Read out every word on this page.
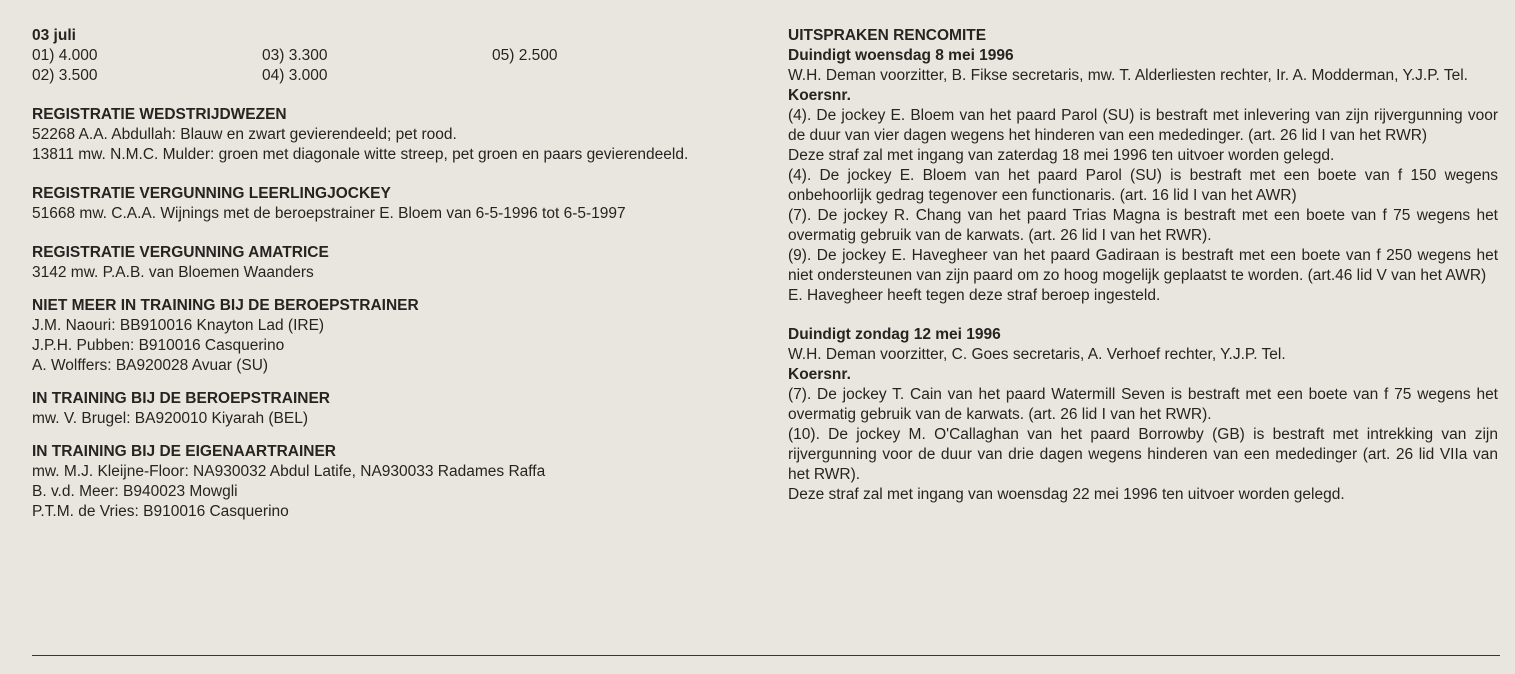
03 juli

01) 4.000	03) 3.300	05) 2.500
02) 3.500	04) 3.000

REGISTRATIE WEDSTRIJDWEZEN

52268 A.A. Abdullah: Blauw en zwart gevierendeeld; pet rood.

13811 mw. N.M.C. Mulder: groen met diagonale witte streep, pet groen en paars gevierendeeld.

REGISTRATIE VERGUNNING LEERLINGJOCKEY

51668 mw. C.A.A. Wijnings met de beroepstrainer E. Bloem van 6-5-1996 tot 6-5-1997

REGISTRATIE VERGUNNING AMATRICE

3142 mw. P.A.B. van Bloemen Waanders

NIET MEER IN TRAINING BIJ DE BEROEPSTRAINER

J.M. Naouri: BB910016 Knayton Lad (IRE)

J.P.H. Pubben: B910016 Casquerino

A. Wolffers: BA920028 Avuar (SU)

IN TRAINING BIJ DE BEROEPSTRAINER

mw. V. Brugel: BA920010 Kiyarah (BEL)

IN TRAINING BIJ DE EIGENAARTRAINER

mw. M.J. Kleijne-Floor: NA930032 Abdul Latife, NA930033 Radames Raffa

B. v.d. Meer: B940023 Mowgli

P.T.M. de Vries: B910016 Casquerino

UITSPRAKEN RENCOMITE

Duindigt woensdag 8 mei 1996

W.H. Deman voorzitter, B. Fikse secretaris, mw. T. Alderliesten rechter, Ir. A. Modderman, Y.J.P. Tel.

Koersnr.

(4). De jockey E. Bloem van het paard Parol (SU) is bestraft met inlevering van zijn rijvergunning voor de duur van vier dagen wegens het hinderen van een mededinger. (art. 26 lid I van het RWR)

Deze straf zal met ingang van zaterdag 18 mei 1996 ten uitvoer worden gelegd.

(4). De jockey E. Bloem van het paard Parol (SU) is bestraft met een boete van f 150 wegens onbehoorlijk gedrag tegenover een functionaris. (art. 16 lid I van het AWR)

(7). De jockey R. Chang van het paard Trias Magna is bestraft met een boete van f 75 wegens het overmatig gebruik van de karwats. (art. 26 lid I van het RWR).

(9). De jockey E. Havegheer van het paard Gadiraan is bestraft met een boete van f 250 wegens het niet ondersteunen van zijn paard om zo hoog mogelijk geplaatst te worden. (art.46 lid V van het AWR)

E. Havegheer heeft tegen deze straf beroep ingesteld.

Duindigt zondag 12 mei 1996

W.H. Deman voorzitter, C. Goes secretaris, A. Verhoef rechter, Y.J.P. Tel.

Koersnr.

(7). De jockey T. Cain van het paard Watermill Seven is bestraft met een boete van f 75 wegens het overmatig gebruik van de karwats. (art. 26 lid I van het RWR).

(10). De jockey M. O'Callaghan van het paard Borrowby (GB) is bestraft met intrekking van zijn rijvergunning voor de duur van drie dagen wegens hinderen van een mededinger (art. 26 lid VIIa van het RWR).

Deze straf zal met ingang van woensdag 22 mei 1996 ten uitvoer worden gelegd.
